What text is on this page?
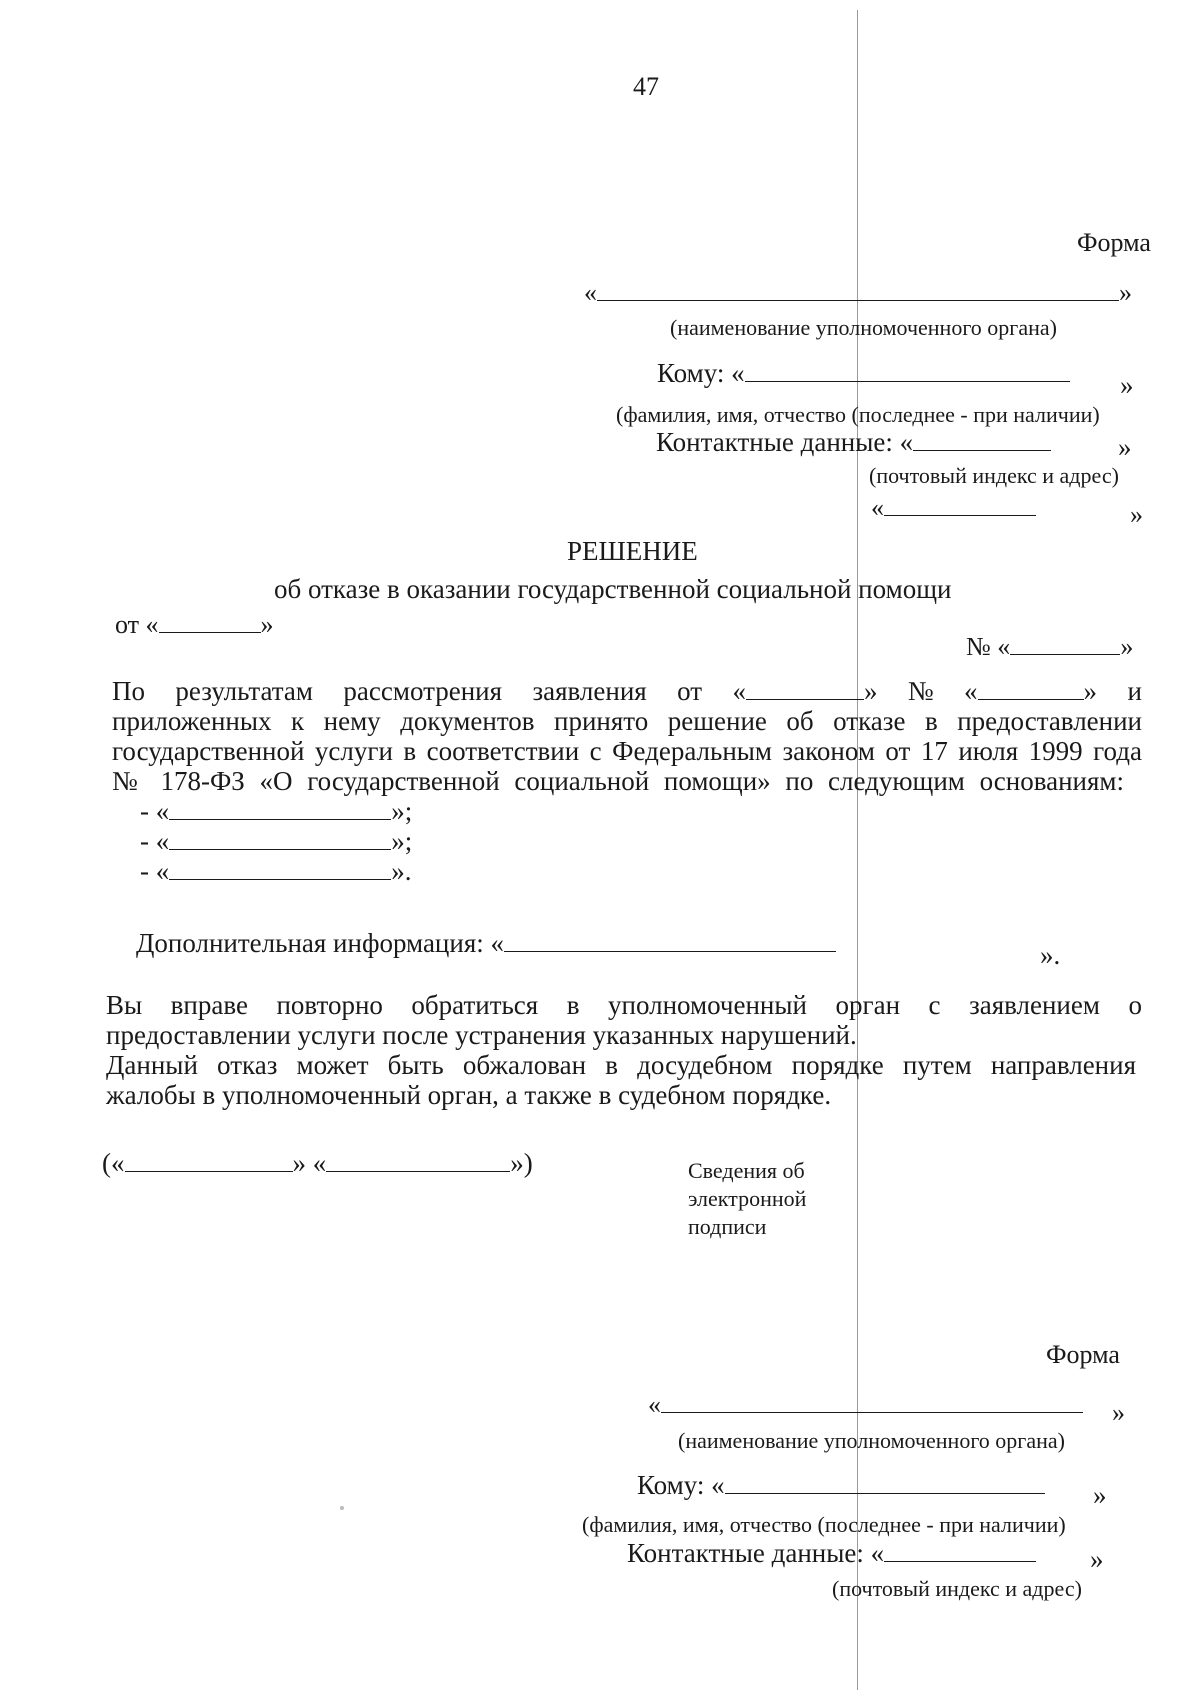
47
Форма
«	»
(наименование уполномоченного органа)
Кому: «	»
(фамилия, имя, отчество (последнее - при наличии)
Контактные данные: «	»
(почтовый индекс и адрес)
«	»
РЕШЕНИЕ
об отказе в оказании государственной социальной помощи
от «	»
№ «	»
По результатам рассмотрения заявления от «	» № «	» и
приложенных к нему документов принято решение об отказе в предоставлении
государственной услуги в соответствии с Федеральным законом от 17 июля 1999 года
№ 178-ФЗ «О государственной социальной помощи» по следующим основаниям:
- «	»;
- «	»;
- «	».
Дополнительная информация: «	».
Вы вправе повторно обратиться в уполномоченный орган с заявлением о
предоставлении услуги после устранения указанных нарушений.
Данный отказ может быть обжалован в досудебном порядке путем направления
жалобы в уполномоченный орган, а также в судебном порядке.
(«	» «	»)	Сведения об
электронной
подписи
Форма
«	»
(наименование уполномоченного органа)
Кому: «	»
(фамилия, имя, отчество (последнее - при наличии)
Контактные данные: «	»
(почтовый индекс и адрес)
